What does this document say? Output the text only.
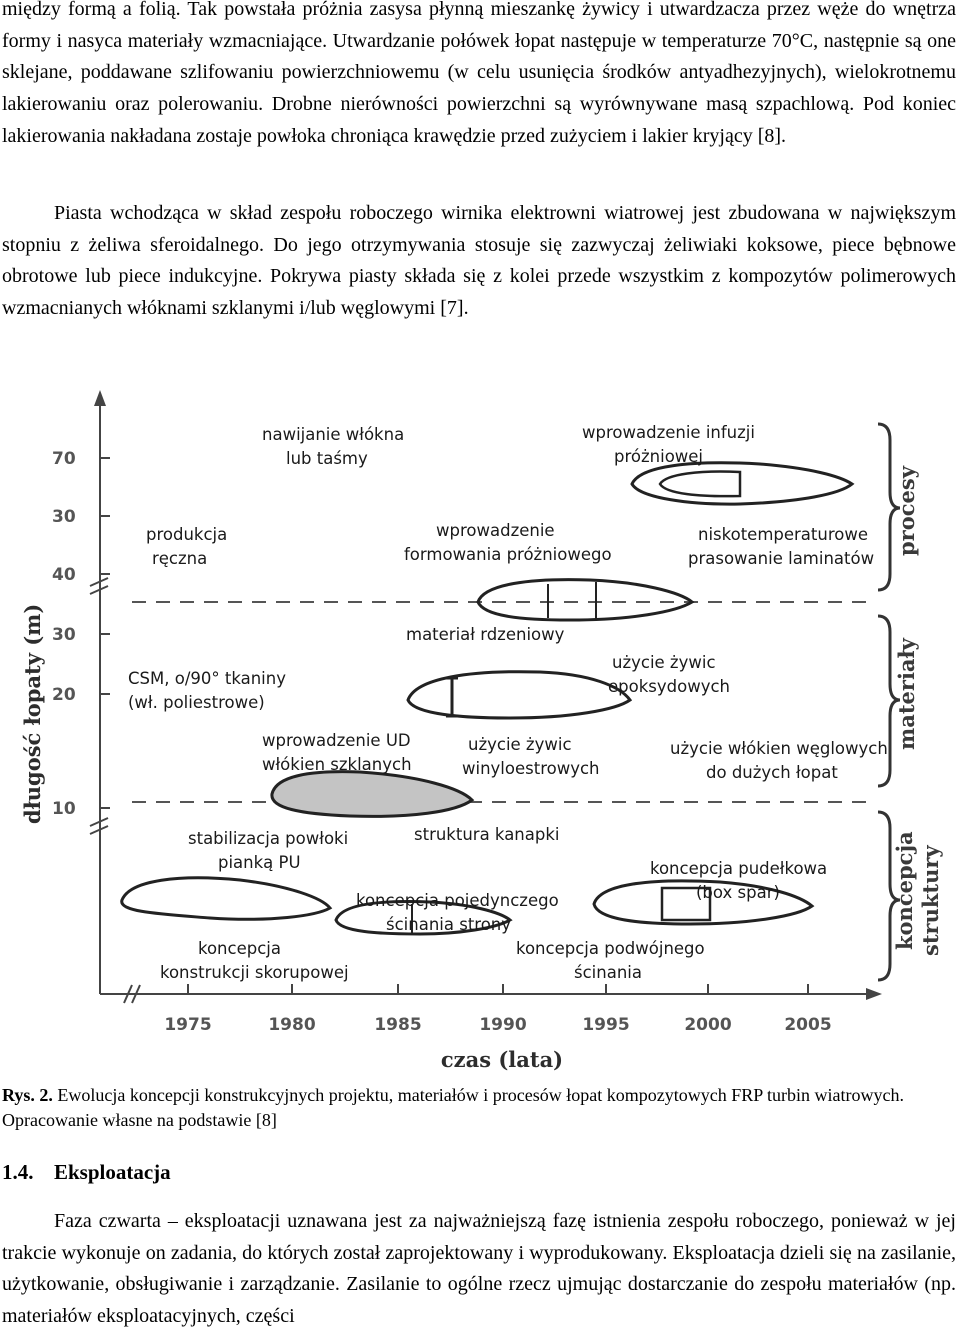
między formą a folią. Tak powstała próżnia zasysa płynną mieszankę żywicy i utwardzacza przez węże do wnętrza formy i nasyca materiały wzmacniające. Utwardzanie połówek łopat następuje w temperaturze 70°C, następnie są one sklejane, poddawane szlifowaniu powierzchniowemu (w celu usunięcia środków antyadhezyjnych), wielokrotnemu lakierowaniu oraz polerowaniu. Drobne nierówności powierzchni są wyrównywane masą szpachlową. Pod koniec lakierowania nakładana zostaje powłoka chroniąca krawędzie przed zużyciem i lakier kryjący [8].

Piasta wchodząca w skład zespołu roboczego wirnika elektrowni wiatrowej jest zbudowana w największym stopniu z żeliwa sferoidalnego. Do jego otrzymywania stosuje się zazwyczaj żeliwiaki koksowe, piece bębnowe obrotowe lub piece indukcyjne. Pokrywa piasty składa się z kolei przede wszystkim z kompozytów polimerowych wzmacnianych włóknami szklanymi i/lub węglowymi [7].

70
30
40
30
20
10
długość łopaty (m)
1975	1980	1985	1990	1995	2000	2005
czas (lata)
procesy
materiały
koncepcja struktury
nawijanie włókna
lub taśmy
wprowadzenie infuzji
próżniowej
produkcja
ręczna
wprowadzenie
formowania próżniowego
niskotemperaturowe
prasowanie laminatów
materiał rdzeniowy
użycie żywic
epoksydowych
CSM, o/90° tkaniny
(wł. poliestrowe)
wprowadzenie UD
włókien szklanych
użycie żywic
winyloestrowych
użycie włókien węglowych
do dużych łopat
stabilizacja powłoki
pianką PU
struktura kanapki
koncepcja pudełkowa
(box spar)
koncepcja pojedynczego
ścinania strony
koncepcja
konstrukcji skorupowej
koncepcja podwójnego
ścinania

Rys. 2. Ewolucja koncepcji konstrukcyjnych projektu, materiałów i procesów łopat kompozytowych FRP turbin wiatrowych. Opracowanie własne na podstawie [8]

1.4. Eksploatacja

Faza czwarta – eksploatacji uznawana jest za najważniejszą fazę istnienia zespołu roboczego, ponieważ w jej trakcie wykonuje on zadania, do których został zaprojektowany i wyprodukowany. Eksploatacja dzieli się na zasilanie, użytkowanie, obsługiwanie i zarządzanie. Zasilanie to ogólne rzecz ujmując dostarczanie do zespołu materiałów (np. materiałów eksploatacyjnych, części
